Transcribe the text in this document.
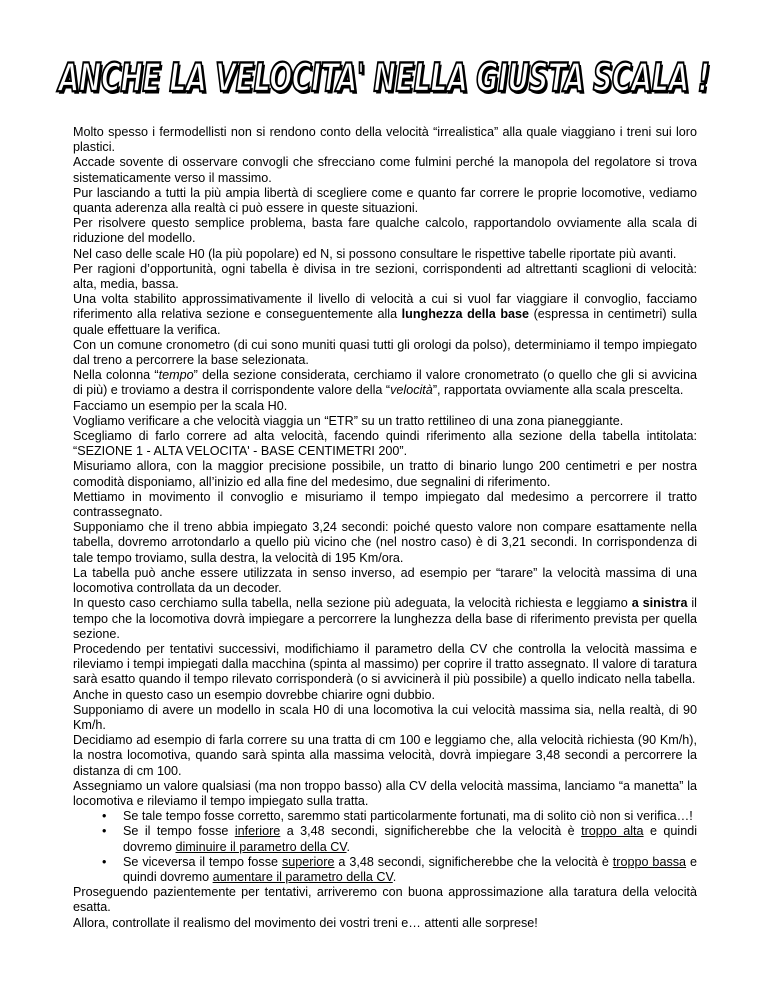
ANCHE LA VELOCITA' NELLA GIUSTA SCALA !

Molto spesso i fermodellisti non si rendono conto della velocità “irrealistica” alla quale viaggiano i treni sui loro plastici.

Accade sovente di osservare convogli che sfrecciano come fulmini perché la manopola del regolatore si trova sistematicamente verso il massimo.

Pur lasciando a tutti la più ampia libertà di scegliere come e quanto far correre le proprie locomotive, vediamo quanta aderenza alla realtà ci può essere in queste situazioni.

Per risolvere questo semplice problema, basta fare qualche calcolo, rapportandolo ovviamente alla scala di riduzione del modello.

Nel caso delle scale H0 (la più popolare) ed N, si possono consultare le rispettive tabelle riportate più avanti.

Per ragioni d’opportunità, ogni tabella è divisa in tre sezioni, corrispondenti ad altrettanti scaglioni di velocità: alta, media, bassa.

Una volta stabilito approssimativamente il livello di velocità a cui si vuol far viaggiare il convoglio, facciamo riferimento alla relativa sezione e conseguentemente alla lunghezza della base (espressa in centimetri) sulla quale effettuare la verifica.

Con un comune cronometro (di cui sono muniti quasi tutti gli orologi da polso), determiniamo il tempo impiegato dal treno a percorrere la base selezionata.

Nella colonna “tempo” della sezione considerata, cerchiamo il valore cronometrato (o quello che gli si avvicina di più) e troviamo a destra il corrispondente valore della “velocità”, rapportata ovviamente alla scala prescelta.

Facciamo un esempio per la scala H0.

Vogliamo verificare a che velocità viaggia un “ETR” su un tratto rettilineo di una zona pianeggiante.

Scegliamo di farlo correre ad alta velocità, facendo quindi riferimento alla sezione della tabella intitolata: “SEZIONE 1 - ALTA VELOCITA' - BASE CENTIMETRI 200”.

Misuriamo allora, con la maggior precisione possibile, un tratto di binario lungo 200 centimetri e per nostra comodità disponiamo, all’inizio ed alla fine del medesimo, due segnalini di riferimento.

Mettiamo in movimento il convoglio e misuriamo il tempo impiegato dal medesimo a percorrere il tratto contrassegnato.

Supponiamo che il treno abbia impiegato 3,24 secondi: poiché questo valore non compare esattamente nella tabella, dovremo arrotondarlo a quello più vicino che (nel nostro caso) è di 3,21 secondi. In corrispondenza di tale tempo troviamo, sulla destra, la velocità di 195 Km/ora.

La tabella può anche essere utilizzata in senso inverso, ad esempio per “tarare” la velocità massima di una locomotiva controllata da un decoder.

In questo caso cerchiamo sulla tabella, nella sezione più adeguata, la velocità richiesta e leggiamo a sinistra il tempo che la locomotiva dovrà impiegare a percorrere la lunghezza della base di riferimento prevista per quella sezione.

Procedendo per tentativi successivi, modifichiamo il parametro della CV che controlla la velocità massima e rileviamo i tempi impiegati dalla macchina (spinta al massimo) per coprire il tratto assegnato. Il valore di taratura sarà esatto quando il tempo rilevato corrisponderà (o si avvicinerà il più possibile) a quello indicato nella tabella.

Anche in questo caso un esempio dovrebbe chiarire ogni dubbio.

Supponiamo di avere un modello in scala H0 di una locomotiva la cui velocità massima sia, nella realtà, di 90 Km/h.

Decidiamo ad esempio di farla correre su una tratta di cm 100 e leggiamo che, alla velocità richiesta (90 Km/h), la nostra locomotiva, quando sarà spinta alla massima velocità, dovrà impiegare 3,48 secondi a percorrere la distanza di cm 100.

Assegniamo un valore qualsiasi (ma non troppo basso) alla CV della velocità massima, lanciamo “a manetta” la locomotiva e rileviamo il tempo impiegato sulla tratta.

• Se tale tempo fosse corretto, saremmo stati particolarmente fortunati, ma di solito ciò non si verifica…!
• Se il tempo fosse inferiore a 3,48 secondi, significherebbe che la velocità è troppo alta e quindi dovremo diminuire il parametro della CV.
• Se viceversa il tempo fosse superiore a 3,48 secondi, significherebbe che la velocità è troppo bassa e quindi dovremo aumentare il parametro della CV.

Proseguendo pazientemente per tentativi, arriveremo con buona approssimazione alla taratura della velocità esatta.

Allora, controllate il realismo del movimento dei vostri treni e… attenti alle sorprese!
